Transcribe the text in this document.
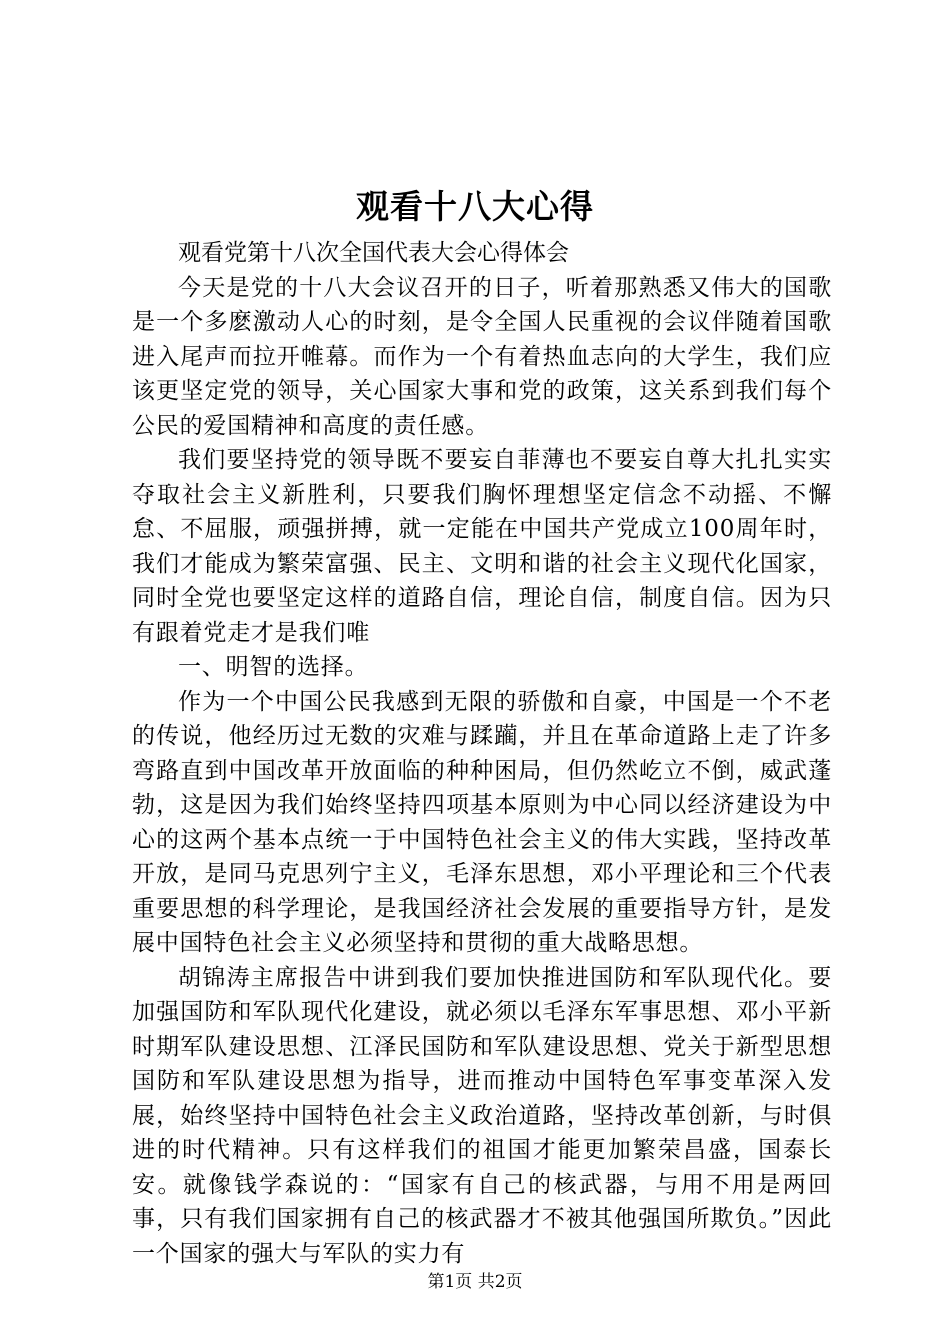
观看十八大心得

观看党第十八次全国代表大会心得体会

今天是党的十八大会议召开的日子，听着那熟悉又伟大的国歌是一个多麽激动人心的时刻，是令全国人民重视的会议伴随着国歌进入尾声而拉开帷幕。而作为一个有着热血志向的大学生，我们应该更坚定党的领导，关心国家大事和党的政策，这关系到我们每个公民的爱国精神和高度的责任感。

我们要坚持党的领导既不要妄自菲薄也不要妄自尊大扎扎实实夺取社会主义新胜利，只要我们胸怀理想坚定信念不动摇、不懈怠、不屈服，顽强拼搏，就一定能在中国共产党成立100周年时，我们才能成为繁荣富强、民主、文明和谐的社会主义现代化国家，同时全党也要坚定这样的道路自信，理论自信，制度自信。因为只有跟着党走才是我们唯

一、明智的选择。

作为一个中国公民我感到无限的骄傲和自豪，中国是一个不老的传说，他经历过无数的灾难与蹂躏，并且在革命道路上走了许多弯路直到中国改革开放面临的种种困局，但仍然屹立不倒，威武蓬勃，这是因为我们始终坚持四项基本原则为中心同以经济建设为中心的这两个基本点统一于中国特色社会主义的伟大实践，坚持改革开放，是同马克思列宁主义，毛泽东思想，邓小平理论和三个代表重要思想的科学理论，是我国经济社会发展的重要指导方针，是发展中国特色社会主义必须坚持和贯彻的重大战略思想。

胡锦涛主席报告中讲到我们要加快推进国防和军队现代化。要加强国防和军队现代化建设，就必须以毛泽东军事思想、邓小平新时期军队建设思想、江泽民国防和军队建设思想、党关于新型思想国防和军队建设思想为指导，进而推动中国特色军事变革深入发展，始终坚持中国特色社会主义政治道路，坚持改革创新，与时俱进的时代精神。只有这样我们的祖国才能更加繁荣昌盛，国泰长安。就像钱学森说的：“国家有自己的核武器，与用不用是两回事，只有我们国家拥有自己的核武器才不被其他强国所欺负。”因此一个国家的强大与军队的实力有

第1页 共2页
